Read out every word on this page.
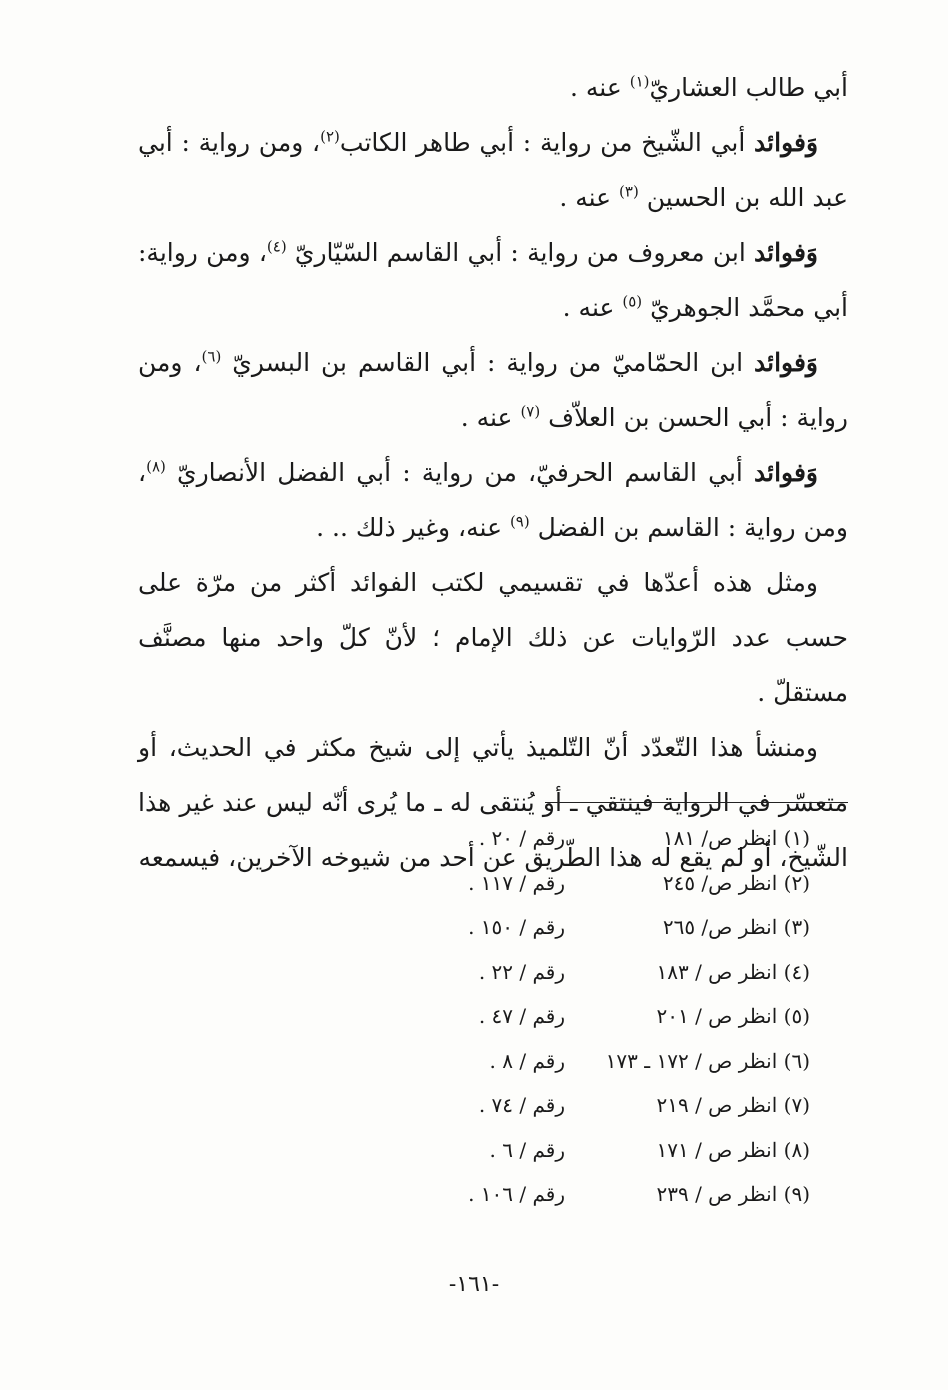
أبي طالب العشاريّ$^{(١)}$ عنه .

وَفوائد أبي الشّيخ من رواية : أبي طاهر الكاتب$^{(٢)}$، ومن رواية : أبي عبد الله بن الحسين $^{(٣)}$ عنه .

وَفوائد ابن معروف من رواية : أبي القاسم السّيّاريّ $^{(٤)}$، ومن رواية: أبي محمَّد الجوهريّ $^{(٥)}$ عنه .

وَفوائد ابن الحمّاميّ من رواية : أبي القاسم بن البسريّ $^{(٦)}$، ومن رواية : أبي الحسن بن العلاّف $^{(٧)}$ عنه .

وَفوائد أبي القاسم الحرفيّ، من رواية : أبي الفضل الأنصاريّ $^{(٨)}$، ومن رواية : القاسم بن الفضل $^{(٩)}$ عنه، وغير ذلك .. .

ومثل هذه أعدّها في تقسيمي لكتب الفوائد أكثر من مرّة على حسب عدد الرّوايات عن ذلك الإمام ؛ لأنّ كلّ واحد منها مصنَّف مستقلّ .

ومنشأ هذا التّعدّد أنّ التّلميذ يأتي إلى شيخ مكثر في الحديث، أو متعسّر في الرواية فينتقي ـ أو يُنتقى له ـ ما يُرى أنّه ليس عند غير هذا الشّيخ، أو لم يقع له هذا الطّريق عن أحد من شيوخه الآخرين، فيسمعه

(١) انظر ص/ ١٨١
رقم / ٢٠ .
(٢) انظر ص/ ٢٤٥
رقم / ١١٧ .
(٣) انظر ص/ ٢٦٥
رقم / ١٥٠ .
(٤) انظر ص / ١٨٣
رقم / ٢٢ .
(٥) انظر ص / ٢٠١
رقم / ٤٧ .
(٦) انظر ص / ١٧٢ ـ ١٧٣
رقم / ٨ .
(٧) انظر ص / ٢١٩
رقم / ٧٤ .
(٨) انظر ص / ١٧١
رقم / ٦ .
(٩) انظر ص / ٢٣٩
رقم / ١٠٦ .
-١٦١-
